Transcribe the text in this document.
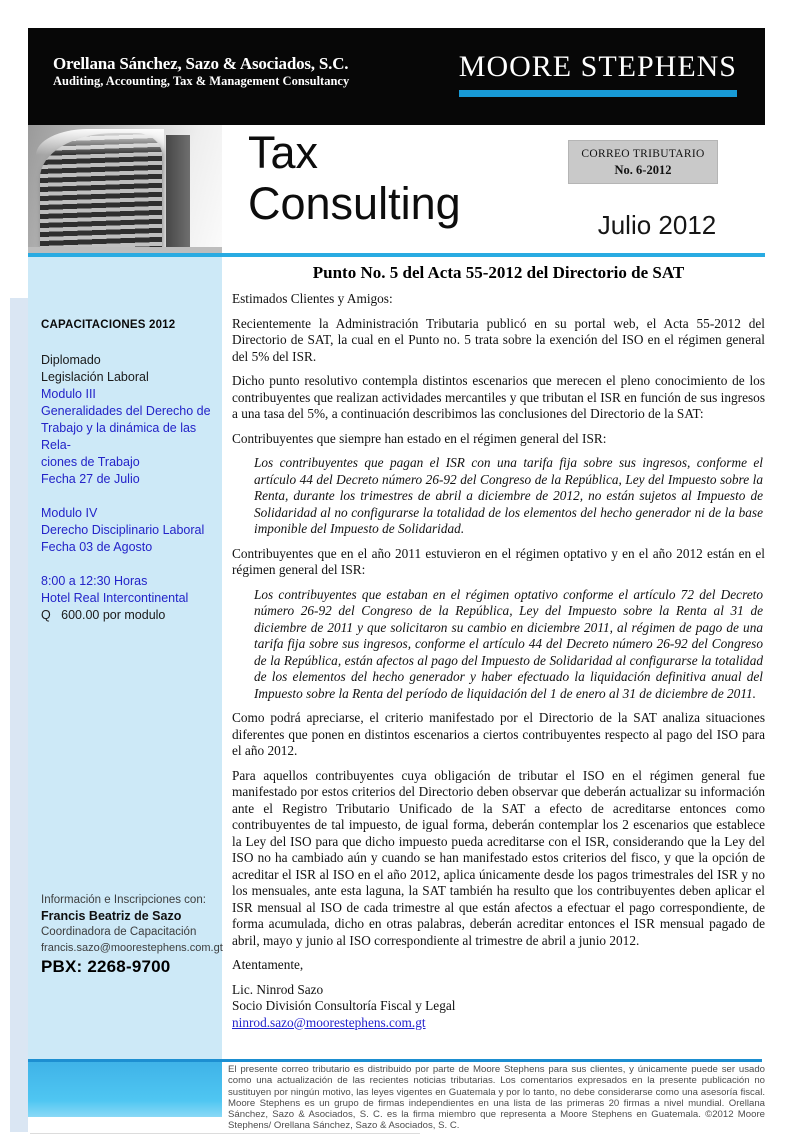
Orellana Sánchez, Sazo & Asociados, S.C.
Auditing, Accounting, Tax & Management Consultancy	MOORE STEPHENS
Tax
Consulting
CORREO TRIBUTARIO
No. 6-2012
Julio 2012
CAPACITACIONES 2012
Diplomado
Legislación Laboral
Modulo III
Generalidades del Derecho de
Trabajo y la dinámica de las Rela-
ciones de Trabajo
Fecha 27 de Julio
Modulo IV
Derecho Disciplinario Laboral
Fecha 03 de Agosto
8:00 a 12:30 Horas
Hotel Real Intercontinental
Q   600.00 por modulo
Información e Inscripciones con:
Francis Beatriz de Sazo
Coordinadora de Capacitación
francis.sazo@moorestephens.com.gt
PBX: 2268-9700
Punto No. 5 del Acta 55-2012 del Directorio de SAT

Estimados Clientes y Amigos:

Recientemente la Administración Tributaria publicó en su portal web, el Acta 55-2012 del Directorio de SAT, la cual en el Punto no. 5 trata sobre la exención del ISO en el régimen general del 5% del ISR.

Dicho punto resolutivo contempla distintos escenarios que merecen el pleno conocimiento de los contribuyentes que realizan actividades mercantiles y que tributan el ISR en función de sus ingresos a una tasa del 5%, a continuación describimos las conclusiones del Directorio de la SAT:

Contribuyentes que siempre han estado en el régimen general del ISR:

Los contribuyentes que pagan el ISR con una tarifa fija sobre sus ingresos, conforme el artículo 44 del Decreto número 26-92 del Congreso de la República, Ley del Impuesto sobre la Renta, durante los trimestres de abril a diciembre de 2012, no están sujetos al Impuesto de Solidaridad al no configurarse la totalidad de los elementos del hecho generador ni de la base imponible del Impuesto de Solidaridad.

Contribuyentes que en el año 2011 estuvieron en el régimen optativo y en el año 2012 están en el régimen general del ISR:

Los contribuyentes que estaban en el régimen optativo conforme el artículo 72 del Decreto número 26-92 del Congreso de la República, Ley del Impuesto sobre la Renta al 31 de diciembre de 2011 y que solicitaron su cambio en diciembre 2011, al régimen de pago de una tarifa fija sobre sus ingresos, conforme el artículo 44 del Decreto número 26-92 del Congreso de la República, están afectos al pago del Impuesto de Solidaridad al configurarse la totalidad de los elementos del hecho generador y haber efectuado la liquidación definitiva anual del Impuesto sobre la Renta del período de liquidación del 1 de enero al 31 de diciembre de 2011.

Como podrá apreciarse, el criterio manifestado por el Directorio de la SAT analiza situaciones diferentes que ponen en distintos escenarios a ciertos contribuyentes respecto al pago del ISO para el año 2012.

Para aquellos contribuyentes cuya obligación de tributar el ISO en el régimen general fue manifestado por estos criterios del Directorio deben observar que deberán actualizar su información ante el Registro Tributario Unificado de la SAT a efecto de acreditarse entonces como contribuyentes de tal impuesto, de igual forma, deberán contemplar los 2 escenarios que establece la Ley del ISO para que dicho impuesto pueda acreditarse con el ISR, considerando que la Ley del ISO no ha cambiado aún y cuando se han manifestado estos criterios del fisco, y que la opción de acreditar el ISR al ISO en el año 2012, aplica únicamente desde los pagos trimestrales del ISR y no los mensuales, ante esta laguna, la SAT también ha resulto que los contribuyentes deben aplicar el ISR mensual al ISO de cada trimestre al que están afectos a efectuar el pago correspondiente, de forma acumulada, dicho en otras palabras, deberán acreditar entonces el ISR mensual pagado de abril, mayo y junio al ISO correspondiente al trimestre de abril a junio 2012.

Atentamente,

Lic. Ninrod Sazo
Socio División Consultoría Fiscal y Legal
ninrod.sazo@moorestephens.com.gt
El presente correo tributario es distribuido por parte de Moore Stephens para sus clientes, y únicamente puede ser usado como una actualización de las recientes noticias tributarias. Los comentarios expresados en la presente publicación no sustituyen por ningún motivo, las leyes vigentes en Guatemala y por lo tanto, no debe considerarse como una asesoría fiscal. Moore Stephens es un grupo de firmas independientes en una lista de las primeras 20 firmas a nivel mundial. Orellana Sánchez, Sazo & Asociados, S. C. es la firma miembro que representa a Moore Stephens en Guatemala. ©2012 Moore Stephens/ Orellana Sánchez, Sazo & Asociados, S. C.
